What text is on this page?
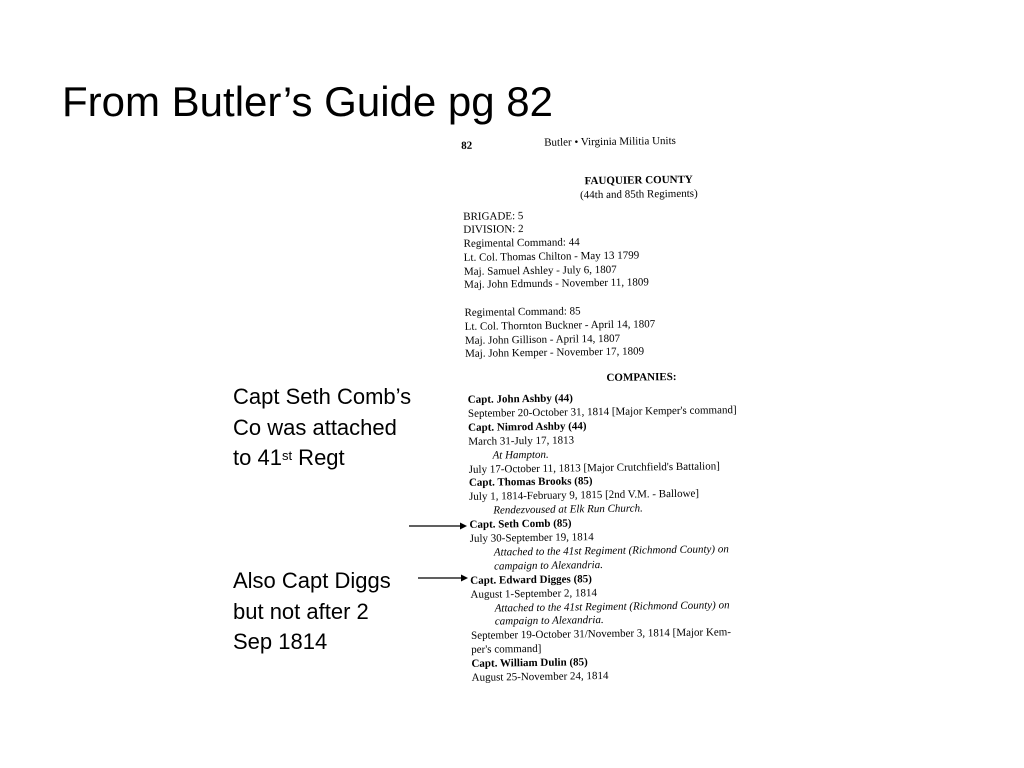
From Butler’s Guide pg 82
Capt Seth Comb’s Co was attached to 41st Regt
Also Capt Diggs but not after 2 Sep 1814
82	Butler • Virginia Militia Units
FAUQUIER COUNTY
(44th and 85th Regiments)
BRIGADE: 5
DIVISION: 2
Regimental Command: 44
Lt. Col. Thomas Chilton - May 13 1799
Maj. Samuel Ashley - July 6, 1807
Maj. John Edmunds - November 11, 1809
Regimental Command: 85
Lt. Col. Thornton Buckner - April 14, 1807
Maj. John Gillison - April 14, 1807
Maj. John Kemper - November 17, 1809
COMPANIES:
Capt. John Ashby (44)
September 20-October 31, 1814 [Major Kemper's command]
Capt. Nimrod Ashby (44)
March 31-July 17, 1813
At Hampton.
July 17-October 11, 1813 [Major Crutchfield's Battalion]
Capt. Thomas Brooks (85)
July 1, 1814-February 9, 1815 [2nd V.M. - Ballowe]
Rendezvoused at Elk Run Church.
Capt. Seth Comb (85)
July 30-September 19, 1814
Attached to the 41st Regiment (Richmond County) on
campaign to Alexandria.
Capt. Edward Digges (85)
August 1-September 2, 1814
Attached to the 41st Regiment (Richmond County) on
campaign to Alexandria.
September 19-October 31/November 3, 1814 [Major Kem-
per's command]
Capt. William Dulin (85)
August 25-November 24, 1814
